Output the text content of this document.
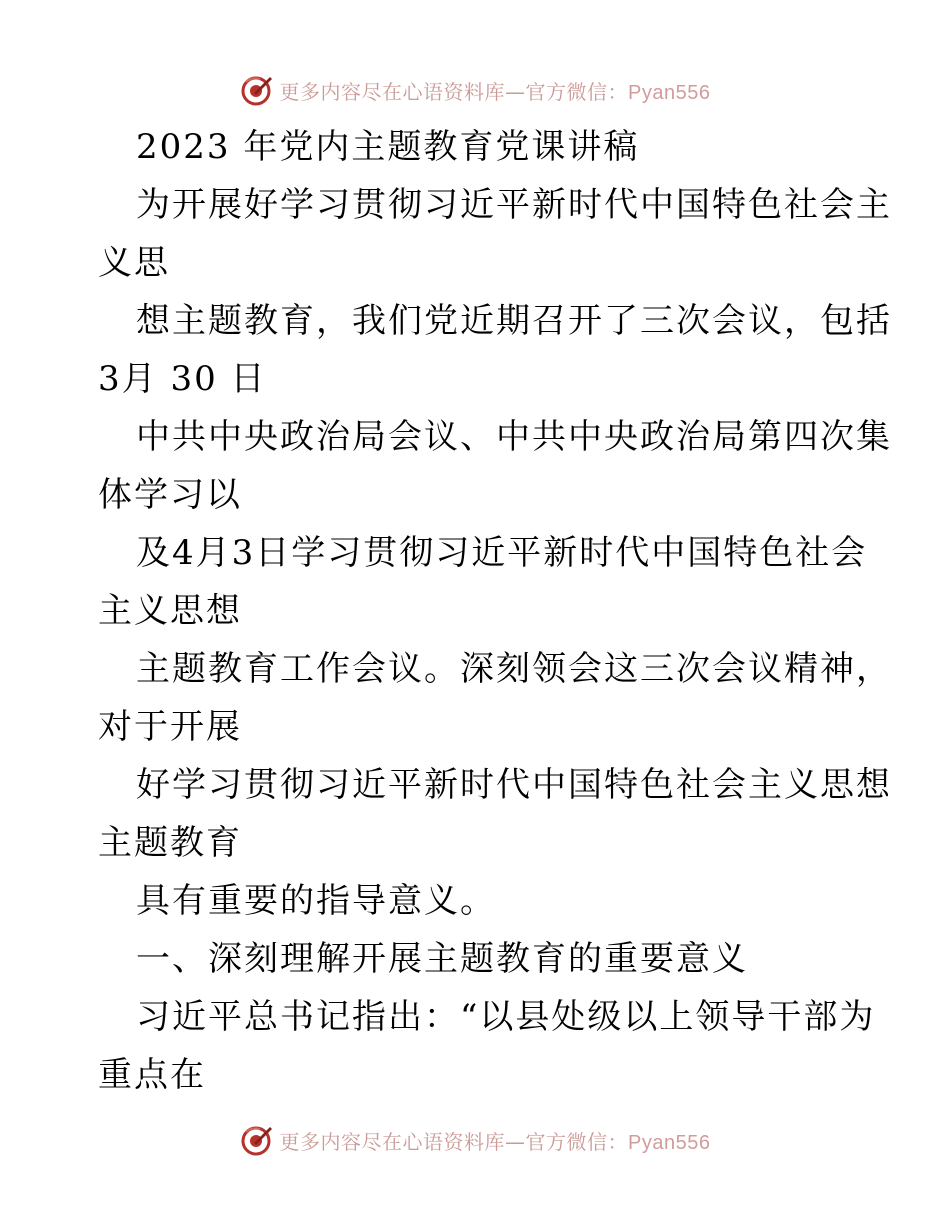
更多内容尽在心语资料库—官方微信：Pyan556
2023 年党内主题教育党课讲稿
为开展好学习贯彻习近平新时代中国特色社会主
义思
想主题教育，我们党近期召开了三次会议，包括
3月 30 日
中共中央政治局会议、中共中央政治局第四次集
体学习以
及4月3日学习贯彻习近平新时代中国特色社会
主义思想
主题教育工作会议。深刻领会这三次会议精神，
对于开展
好学习贯彻习近平新时代中国特色社会主义思想
主题教育
具有重要的指导意义。
一、深刻理解开展主题教育的重要意义
习近平总书记指出：“以县处级以上领导干部为
重点在
更多内容尽在心语资料库—官方微信：Pyan556
